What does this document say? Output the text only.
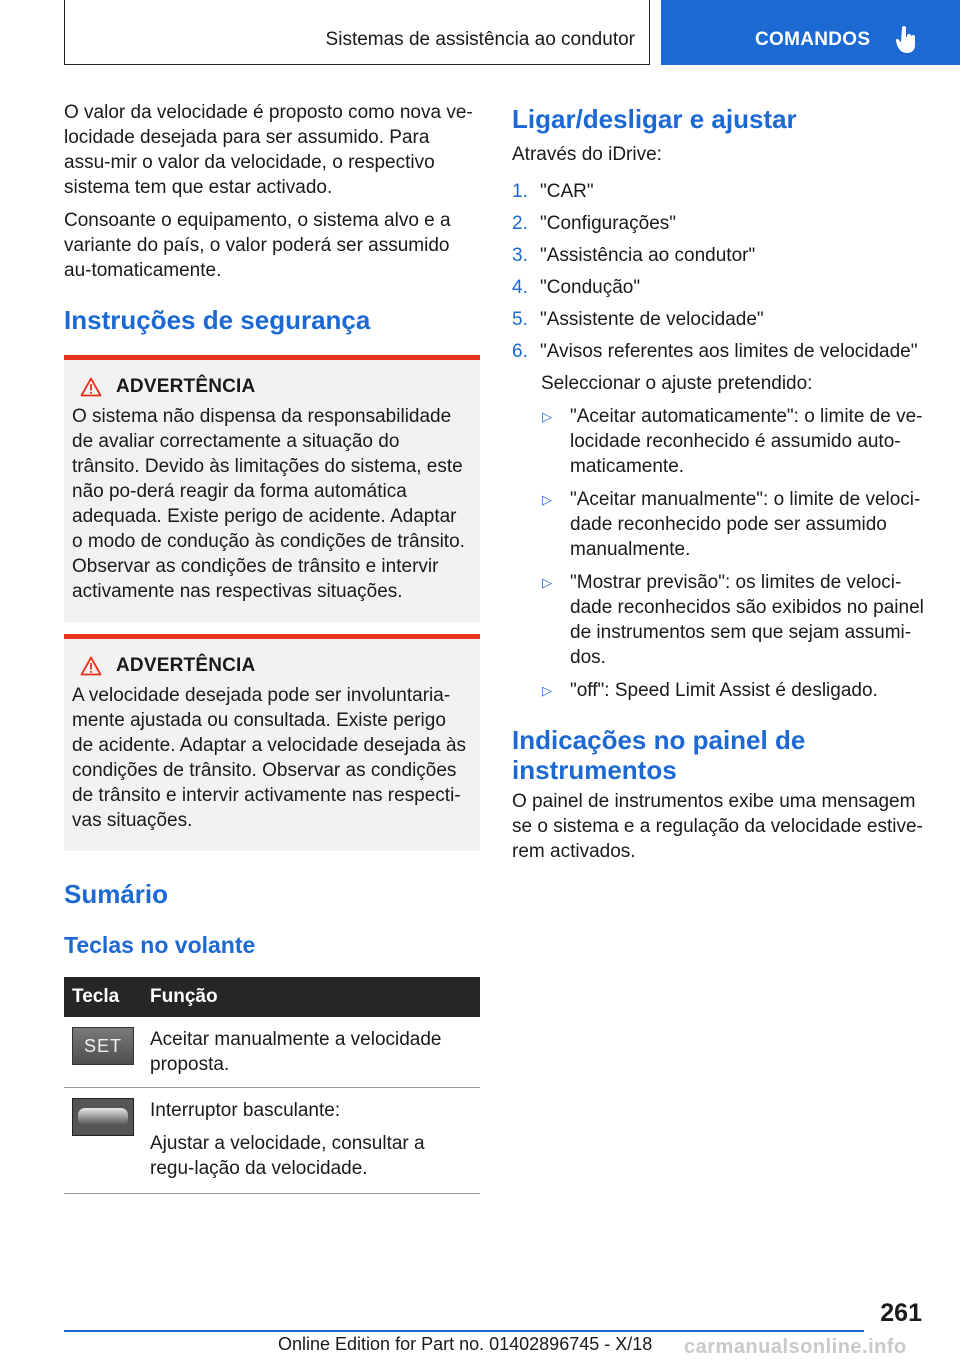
Sistemas de assistência ao condutor	COMANDOS

O valor da velocidade é proposto como nova ve-locidade desejada para ser assumido. Para assu-mir o valor da velocidade, o respectivo sistema tem que estar activado.

Consoante o equipamento, o sistema alvo e a variante do país, o valor poderá ser assumido au-tomaticamente.

Instruções de segurança
ADVERTÊNCIA

O sistema não dispensa da responsabilidade de avaliar correctamente a situação do trânsito. Devido às limitações do sistema, este não po-derá reagir da forma automática adequada. Existe perigo de acidente. Adaptar o modo de condução às condições de trânsito. Observar as condições de trânsito e intervir activamente nas respectivas situações.

ADVERTÊNCIA

A velocidade desejada pode ser involuntaria-mente ajustada ou consultada. Existe perigo de acidente. Adaptar a velocidade desejada às condições de trânsito. Observar as condições de trânsito e intervir activamente nas respecti-vas situações.

Sumário
Teclas no volante
Tecla	Função

SET	Aceitar manualmente a velocidade proposta.

	Interruptor basculante:
Ajustar a velocidade, consultar a regu-lação da velocidade.
Ligar/desligar e ajustar

Através do iDrive:

1. "CAR"
2. "Configurações"
3. "Assistência ao condutor"
4. "Condução"
5. "Assistente de velocidade"
6. "Avisos referentes aos limites de velocidade"

Seleccionar o ajuste pretendido:

▷ "Aceitar automaticamente": o limite de ve-locidade reconhecido é assumido auto-maticamente.
▷ "Aceitar manualmente": o limite de veloci-dade reconhecido pode ser assumido manualmente.
▷ "Mostrar previsão": os limites de veloci-dade reconhecidos são exibidos no painel de instrumentos sem que sejam assumi-dos.
▷ "off": Speed Limit Assist é desligado.
Indicações no painel de instrumentos

O painel de instrumentos exibe uma mensagem se o sistema e a regulação da velocidade estive-rem activados.

261
Online Edition for Part no. 01402896745 - X/18 carmanualsonline.info
